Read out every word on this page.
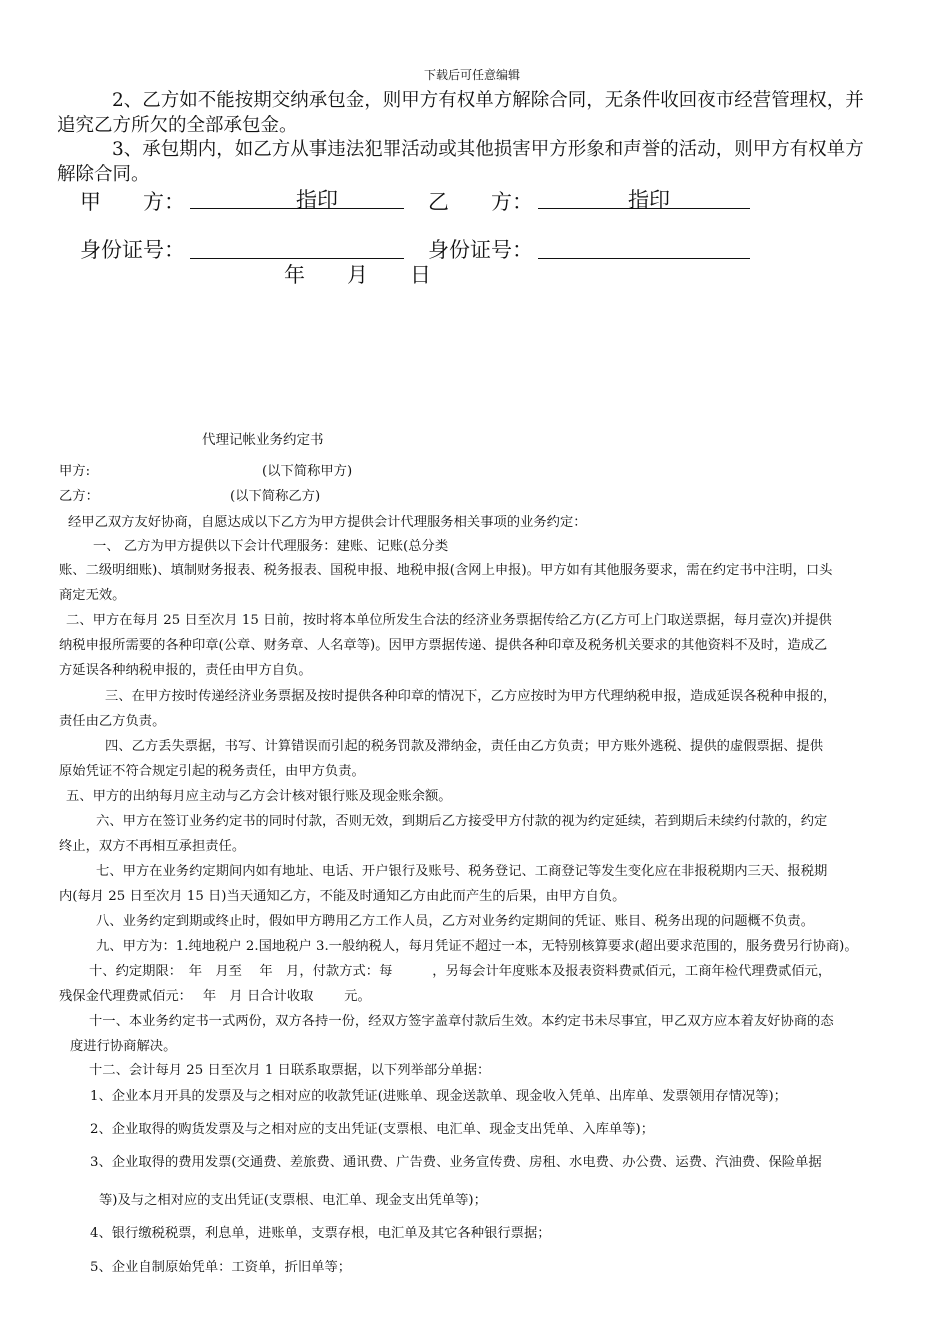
下载后可任意编辑
2、乙方如不能按期交纳承包金，则甲方有权单方解除合同，无条件收回夜市经营管理权，并
追究乙方所欠的全部承包金。
3、承包期内，如乙方从事违法犯罪活动或其他损害甲方形象和声誉的活动，则甲方有权单方
解除合同。
甲　　方：	指印	乙　　方：	指印
身份证号：	身份证号：
年　　月　　日
代理记帐业务约定书
甲方:	(以下简称甲方)
乙方：	(以下简称乙方)
经甲乙双方友好协商，自愿达成以下乙方为甲方提供会计代理服务相关事项的业务约定：
一、 乙方为甲方提供以下会计代理服务：建账、记账(总分类
账、二级明细账)、填制财务报表、税务报表、国税申报、地税申报(含网上申报)。甲方如有其他服务要求，需在约定书中注明，口头
商定无效。
二、甲方在每月 25 日至次月 15 日前，按时将本单位所发生合法的经济业务票据传给乙方(乙方可上门取送票据，每月壹次)并提供
纳税申报所需要的各种印章(公章、财务章、人名章等)。因甲方票据传递、提供各种印章及税务机关要求的其他资料不及时，造成乙
方延误各种纳税申报的，责任由甲方自负。
三、在甲方按时传递经济业务票据及按时提供各种印章的情况下，乙方应按时为甲方代理纳税申报，造成延误各税种申报的，
责任由乙方负责。
四、乙方丢失票据，书写、计算错误而引起的税务罚款及滞纳金，责任由乙方负责；甲方账外逃税、提供的虚假票据、提供
原始凭证不符合规定引起的税务责任，由甲方负责。
五、甲方的出纳每月应主动与乙方会计核对银行账及现金账余额。
六、甲方在签订业务约定书的同时付款，否则无效，到期后乙方接受甲方付款的视为约定延续，若到期后未续约付款的，约定
终止，双方不再相互承担责任。
七、甲方在业务约定期间内如有地址、电话、开户银行及账号、税务登记、工商登记等发生变化应在非报税期内三天、报税期
内(每月 25 日至次月 15 日)当天通知乙方，不能及时通知乙方由此而产生的后果，由甲方自负。
八、业务约定到期或终止时，假如甲方聘用乙方工作人员，乙方对业务约定期间的凭证、账目、税务出现的问题概不负责。
九、甲方为：1.纯地税户 2.国地税户 3.一般纳税人，每月凭证不超过一本，无特别核算要求(超出要求范围的，服务费另行协商)。
十、约定期限：　年　月至　 年　月，付款方式：每　　　，另每会计年度账本及报表资料费贰佰元，工商年检代理费贰佰元，
残保金代理费贰佰元：　 年　月 日合计收取　　 元。
十一、本业务约定书一式两份，双方各持一份，经双方签字盖章付款后生效。本约定书未尽事宜，甲乙双方应本着友好协商的态
度进行协商解决。
十二、会计每月 25 日至次月 1 日联系取票据，以下列举部分单据：
1、企业本月开具的发票及与之相对应的收款凭证(进账单、现金送款单、现金收入凭单、出库单、发票领用存情况等)；
2、企业取得的购货发票及与之相对应的支出凭证(支票根、电汇单、现金支出凭单、入库单等)；
3、企业取得的费用发票(交通费、差旅费、通讯费、广告费、业务宣传费、房租、水电费、办公费、运费、汽油费、保险单据
等)及与之相对应的支出凭证(支票根、电汇单、现金支出凭单等)；
4、银行缴税税票，利息单，进账单，支票存根，电汇单及其它各种银行票据；
5、企业自制原始凭单：工资单，折旧单等；
